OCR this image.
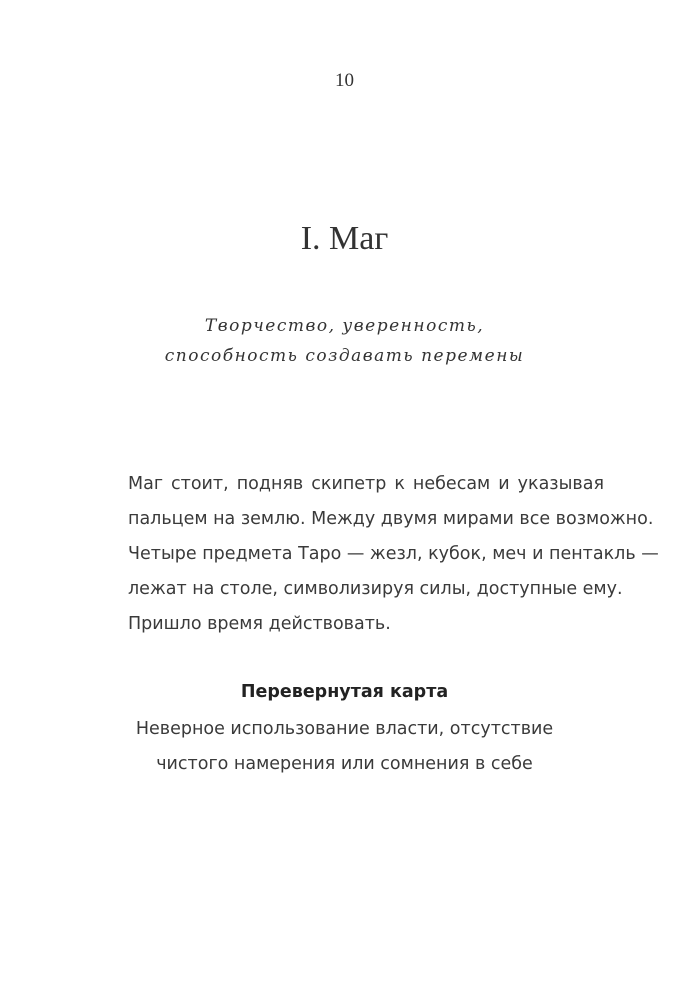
10
I. Маг
Творчество, уверенность,
способность создавать перемены
Маг стоит, подняв скипетр к небесам и указывая
пальцем на землю. Между двумя мирами все возможно.
Четыре предмета Таро — жезл, кубок, меч и пентакль —
лежат на столе, символизируя силы, доступные ему.
Пришло время действовать.
Перевернутая карта
Неверное использование власти, отсутствие
чистого намерения или сомнения в себе
